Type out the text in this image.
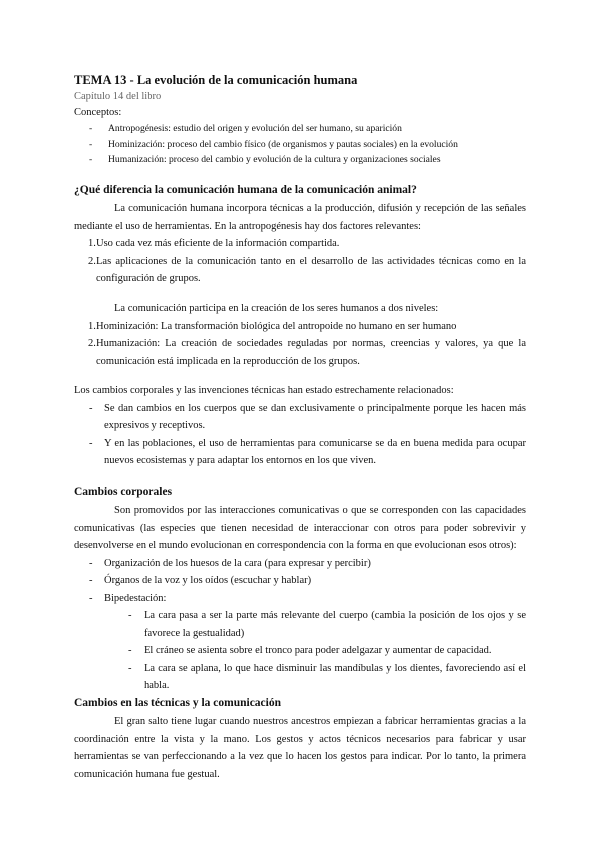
TEMA 13 - La evolución de la comunicación humana
Capítulo 14 del libro
Conceptos:
- Antropogénesis: estudio del origen y evolución del ser humano, su aparición
- Hominización: proceso del cambio físico (de organismos y pautas sociales) en la evolución
- Humanización: proceso del cambio y evolución de la cultura y organizaciones sociales
¿Qué diferencia la comunicación humana de la comunicación animal?

La comunicación humana incorpora técnicas a la producción, difusión y recepción de las señales mediante el uso de herramientas. En la antropogénesis hay dos factores relevantes:

1. Uso cada vez más eficiente de la información compartida.
2. Las aplicaciones de la comunicación tanto en el desarrollo de las actividades técnicas como en la configuración de grupos.

La comunicación participa en la creación de los seres humanos a dos niveles:

1. Hominización: La transformación biológica del antropoide no humano en ser humano
2. Humanización: La creación de sociedades reguladas por normas, creencias y valores, ya que la comunicación está implicada en la reproducción de los grupos.

Los cambios corporales y las invenciones técnicas han estado estrechamente relacionados:

- Se dan cambios en los cuerpos que se dan exclusivamente o principalmente porque les hacen más expresivos y receptivos.
- Y en las poblaciones, el uso de herramientas para comunicarse se da en buena medida para ocupar nuevos ecosistemas y para adaptar los entornos en los que viven.
Cambios corporales

Son promovidos por las interacciones comunicativas o que se corresponden con las capacidades comunicativas (las especies que tienen necesidad de interaccionar con otros para poder sobrevivir y desenvolverse en el mundo evolucionan en correspondencia con la forma en que evolucionan esos otros):

- Organización de los huesos de la cara (para expresar y percibir)
- Órganos de la voz y los oídos (escuchar y hablar)
- Bipedestación:
- La cara pasa a ser la parte más relevante del cuerpo (cambia la posición de los ojos y se favorece la gestualidad)
- El cráneo se asienta sobre el tronco para poder adelgazar y aumentar de capacidad.
- La cara se aplana, lo que hace disminuir las mandíbulas y los dientes, favoreciendo así el habla.
Cambios en las técnicas y la comunicación

El gran salto tiene lugar cuando nuestros ancestros empiezan a fabricar herramientas gracias a la coordinación entre la vista y la mano. Los gestos y actos técnicos necesarios para fabricar y usar herramientas se van perfeccionando a la vez que lo hacen los gestos para indicar. Por lo tanto, la primera comunicación humana fue gestual.
